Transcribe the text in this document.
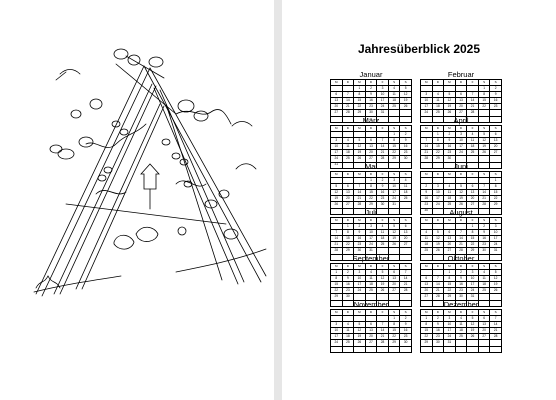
Jahresüberblick 2025
Januar
M	D	M	D	F	S	S
		1	2	3	4	5
6	7	8	9	10	11	12
13	14	15	16	17	18	19
20	21	22	23	24	25	26
27	28	29	30	31		

Februar
M	D	M	D	F	S	S
					1	2
3	4	5	6	7	8	9
10	11	12	13	14	15	16
17	18	19	20	21	22	23
24	25	26	27	28		

März
M	D	M	D	F	S	S
					1	2
3	4	5	6	7	8	9
10	11	12	13	14	15	16
17	18	19	20	21	22	23
24	25	26	27	28	29	30
31						
April
M	D	M	D	F	S	S
	1	2	3	4	5	6
7	8	9	10	11	12	13
14	15	16	17	18	19	20
21	22	23	24	25	26	27
28	29	30				

Mai
M	D	M	D	F	S	S
			1	2	3	4
5	6	7	8	9	10	11
12	13	14	15	16	17	18
19	20	21	22	23	24	25
26	27	28	29	30	31	

Juni
M	D	M	D	F	S	S
						1
2	3	4	5	6	7	8
9	10	11	12	13	14	15
16	17	18	19	20	21	22
23	24	25	26	27	28	29
30						
Juli
M	D	M	D	F	S	S
	1	2	3	4	5	6
7	8	9	10	11	12	13
14	15	16	17	18	19	20
21	22	23	24	25	26	27
28	29	30	31			

August
M	D	M	D	F	S	S
				1	2	3
4	5	6	7	8	9	10
11	12	13	14	15	16	17
18	19	20	21	22	23	24
25	26	27	28	29	30	31

September
M	D	M	D	F	S	S
1	2	3	4	5	6	7
8	9	10	11	12	13	14
15	16	17	18	19	20	21
22	23	24	25	26	27	28
29	30					

Oktober
M	D	M	D	F	S	S
		1	2	3	4	5
6	7	8	9	10	11	12
13	14	15	16	17	18	19
20	21	22	23	24	25	26
27	28	29	30	31		

November
M	D	M	D	F	S	S
					1	2
3	4	5	6	7	8	9
10	11	12	13	14	15	16
17	18	19	20	21	22	23
24	25	26	27	28	29	30

Dezember
M	D	M	D	F	S	S
1	2	3	4	5	6	7
8	9	10	11	12	13	14
15	16	17	18	19	20	21
22	23	24	25	26	27	28
29	30	31				
